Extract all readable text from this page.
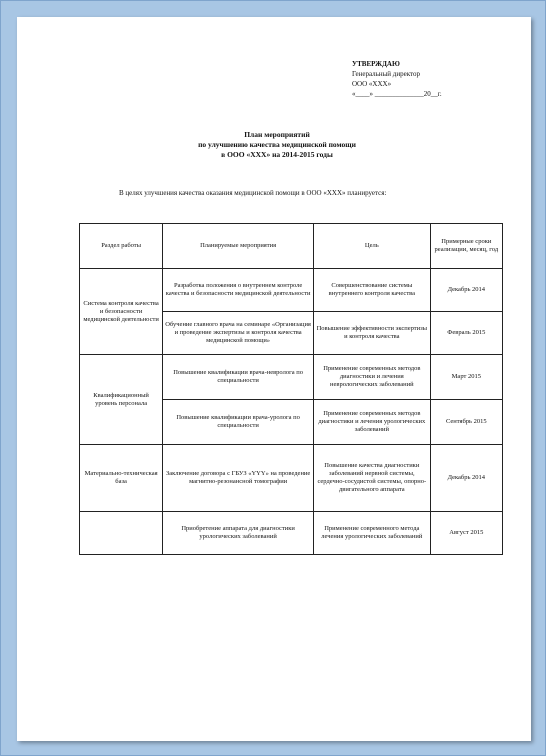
УТВЕРЖДАЮ
Генеральный директор
ООО «XXX»
«____» ______________20__г.
План мероприятий
по улучшению качества медицинской помощи
в ООО «XXX» на 2014-2015 годы
В целях улучшения качества оказания медицинской помощи в ООО «XXX» планируется:
Раздел работы	Планируемые мероприятия	Цель	Примерные сроки реализации, месяц, год
Система контроля качества и безопасности медицинской деятельности	Разработка положения о внутреннем контроле качества и безопасности медицинской деятельности	Совершенствование системы внутреннего контроля качества	Декабрь 2014
	Обучение главного врача на семинаре «Организация и проведение экспертизы и контроля качества медицинской помощи»	Повышение эффективности экспертизы и контроля качества	Февраль 2015
Квалификационный уровень персонала	Повышение квалификации врача-невролога по специальности	Применение современных методов диагностики и лечения неврологических заболеваний	Март 2015
	Повышение квалификации врача-уролога по специальности	Применение современных методов диагностики и лечения урологических заболеваний	Сентябрь 2015
Материально-техническая база	Заключение договора с ГБУЗ «YYY» на проведение магнитно-резонансной томографии	Повышение качества диагностики заболеваний нервной системы, сердечно-сосудистой системы, опорно-двигательного аппарата	Декабрь 2014
	Приобретение аппарата для диагностики урологических заболеваний	Применение современного метода лечения урологических заболеваний	Август 2015
